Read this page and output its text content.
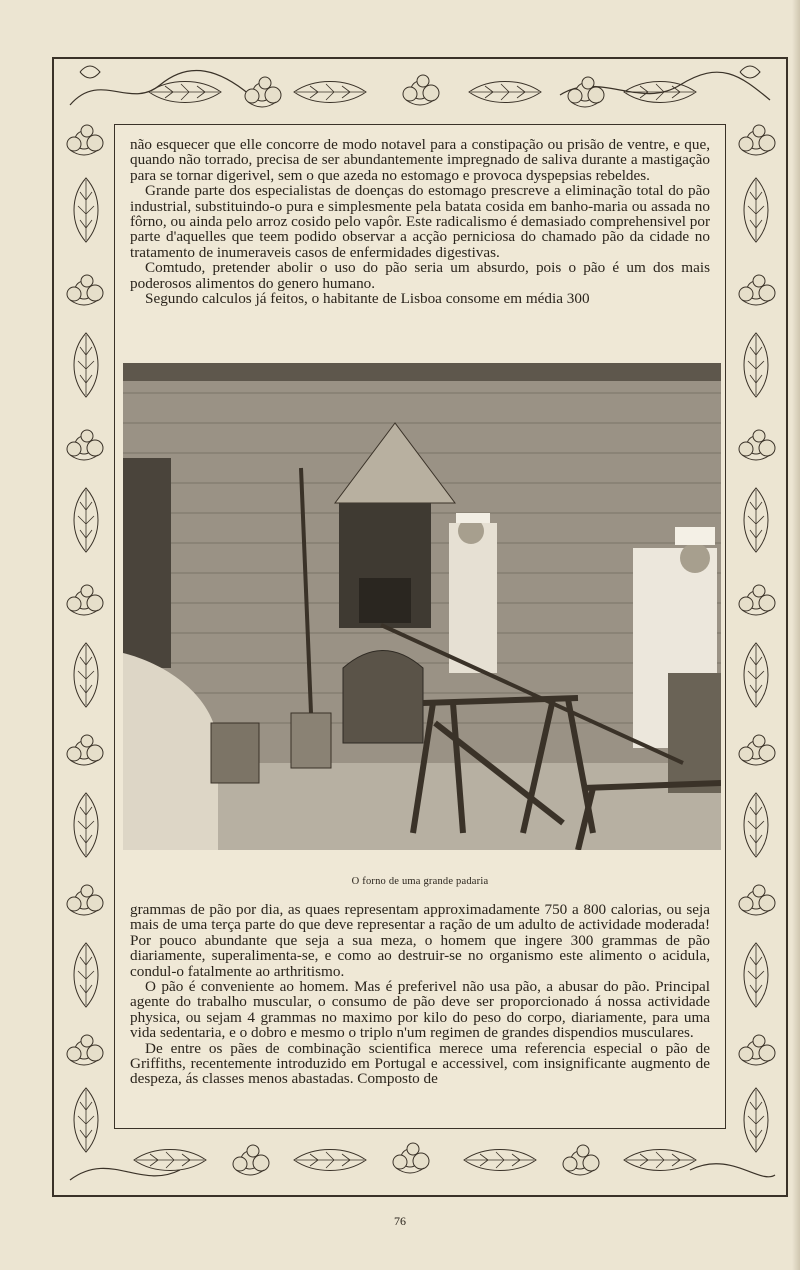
não esquecer que elle concorre de modo notavel para a constipação ou prisão de ventre, e que, quando não torrado, precisa de ser abundantemente impregnado de saliva durante a mastigação para se tornar digerivel, sem o que azeda no estomago e provoca dyspepsias rebeldes.

Grande parte dos especialistas de doenças do estomago prescreve a eliminação total do pão industrial, substituindo-o pura e simplesmente pela batata cosida em banho-maria ou assada no fôrno, ou ainda pelo arroz cosido pelo vapôr. Este radicalismo é demasiado comprehensivel por parte d'aquelles que teem podido observar a acção perniciosa do chamado pão da cidade no tratamento de inumeraveis casos de enfermidades digestivas.

Comtudo, pretender abolir o uso do pão seria um absurdo, pois o pão é um dos mais poderosos alimentos do genero humano.

Segundo calculos já feitos, o habitante de Lisboa consome em média 300

O forno de uma grande padaria

grammas de pão por dia, as quaes representam approximadamente 750 a 800 calorias, ou seja mais de uma terça parte do que deve representar a ração de um adulto de actividade moderada! Por pouco abundante que seja a sua meza, o homem que ingere 300 grammas de pão diariamente, superalimenta-se, e como ao destruir-se no organismo este alimento o acidula, condul-o fatalmente ao arthritismo.

O pão é conveniente ao homem. Mas é preferivel não usa pão, a abusar do pão. Principal agente do trabalho muscular, o consumo de pão deve ser proporcionado á nossa actividade physica, ou sejam 4 grammas no maximo por kilo do peso do corpo, diariamente, para uma vida sedentaria, e o dobro e mesmo o triplo n'um regimen de grandes dispendios musculares.

De entre os pães de combinação scientifica merece uma referencia especial o pão de Griffiths, recentemente introduzido em Portugal e accessivel, com insignificante augmento de despeza, ás classes menos abastadas. Composto de

76
